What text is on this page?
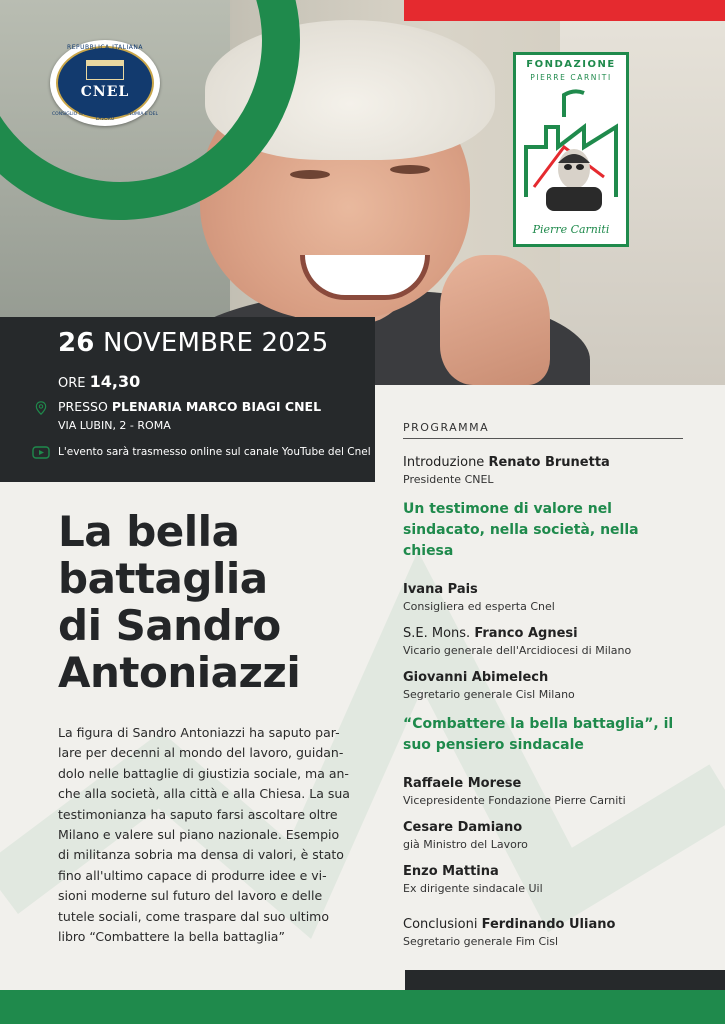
REPUBBLICA ITALIANA
CNEL
CONSIGLIO NAZIONALE DELL'ECONOMIA E DEL LAVORO
FONDAZIONE
PIERRE CARNITI
Pierre Carniti
26 NOVEMBRE 2025
ORE 14,30
PRESSO PLENARIA MARCO BIAGI CNEL
VIA LUBIN, 2 - ROMA
L'evento sarà trasmesso online sul canale YouTube del Cnel
La bella
battaglia
di Sandro
Antoniazzi
La figura di Sandro Antoniazzi ha saputo par-
lare per decenni al mondo del lavoro, guidan-
dolo nelle battaglie di giustizia sociale, ma an-
che alla società, alla città e alla Chiesa. La sua
testimonianza ha saputo farsi ascoltare oltre
Milano e valere sul piano nazionale. Esempio
di militanza sobria ma densa di valori, è stato
fino all'ultimo capace di produrre idee e vi-
sioni moderne sul futuro del lavoro e delle
tutele sociali, come traspare dal suo ultimo
libro “Combattere la bella battaglia”
PROGRAMMA
Introduzione Renato Brunetta
Presidente CNEL
Un testimone di valore nel sindacato, nella società, nella chiesa
Ivana Pais
Consigliera ed esperta Cnel
S.E. Mons. Franco Agnesi
Vicario generale dell'Arcidiocesi di Milano
Giovanni Abimelech
Segretario generale Cisl Milano
“Combattere la bella battaglia”, il suo pensiero sindacale
Raffaele Morese
Vicepresidente Fondazione Pierre Carniti
Cesare Damiano
già Ministro del Lavoro
Enzo Mattina
Ex dirigente sindacale Uil
Conclusioni Ferdinando Uliano
Segretario generale Fim Cisl
